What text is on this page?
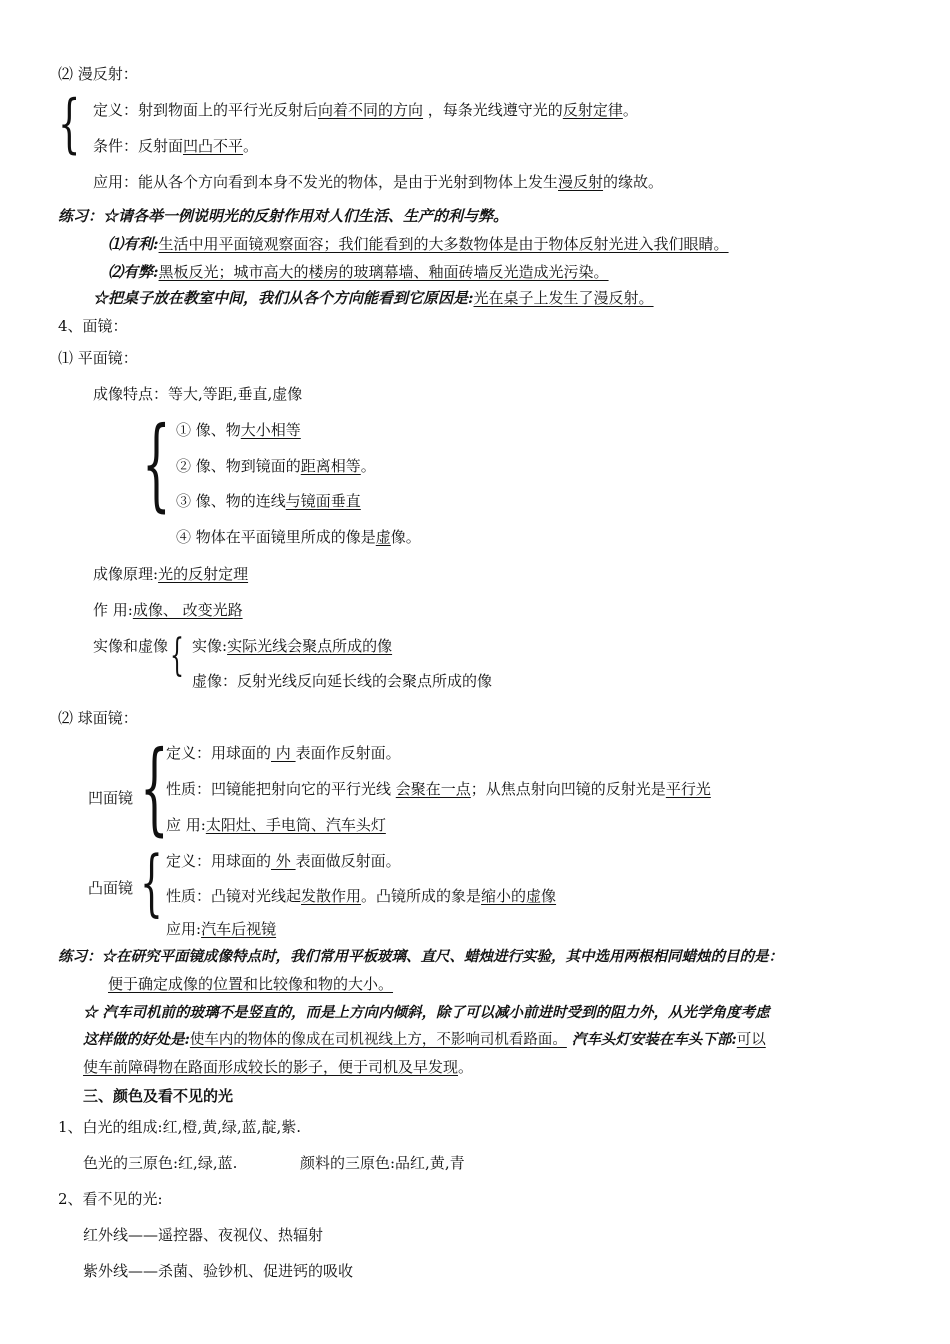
⑵ 漫反射：
{ 定义：射到物面上的平行光反射后向着不同的方向 ，每条光线遵守光的反射定律。
条件：反射面凹凸不平。
应用：能从各个方向看到本身不发光的物体，是由于光射到物体上发生漫反射的缘故。
练习：☆请各举一例说明光的反射作用对人们生活、生产的利与弊。
⑴有利:生活中用平面镜观察面容；我们能看到的大多数物体是由于物体反射光进入我们眼睛。
⑵有弊:黑板反光；城市高大的楼房的玻璃幕墙、釉面砖墙反光造成光污染。
☆把桌子放在教室中间，我们从各个方向能看到它原因是:光在桌子上发生了漫反射。
4、面镜：
⑴ 平面镜：
成像特点：等大,等距,垂直,虚像
{ ① 像、物大小相等
② 像、物到镜面的距离相等。
③ 像、物的连线与镜面垂直
④ 物体在平面镜里所成的像是虚像。
成像原理:光的反射定理
作 用:成像、 改变光路
实像和虚像 { 实像:实际光线会聚点所成的像
虚像：反射光线反向延长线的会聚点所成的像
⑵ 球面镜：
凹面镜 {
定义：用球面的 内 表面作反射面。
性质：凹镜能把射向它的平行光线 会聚在一点；从焦点射向凹镜的反射光是平行光
应 用:太阳灶、手电筒、汽车头灯
凸面镜 { 定义：用球面的 外 表面做反射面。
性质：凸镜对光线起发散作用。凸镜所成的象是缩小的虚像
应用:汽车后视镜
练习：☆在研究平面镜成像特点时，我们常用平板玻璃、直尺、蜡烛进行实验，其中选用两根相同蜡烛的目的是：
便于确定成像的位置和比较像和物的大小。
☆ 汽车司机前的玻璃不是竖直的，而是上方向内倾斜，除了可以减小前进时受到的阻力外，从光学角度考虑
这样做的好处是:使车内的物体的像成在司机视线上方，不影响司机看路面。 汽车头灯安装在车头下部:可以
使车前障碍物在路面形成较长的影子，便于司机及早发现。
三、颜色及看不见的光
1、白光的组成:红,橙,黄,绿,蓝,靛,紫.
色光的三原色:红,绿,蓝.	颜料的三原色:品红,黄,青
2、看不见的光:
红外线——遥控器、夜视仪、热辐射
紫外线——杀菌、验钞机、促进钙的吸收
